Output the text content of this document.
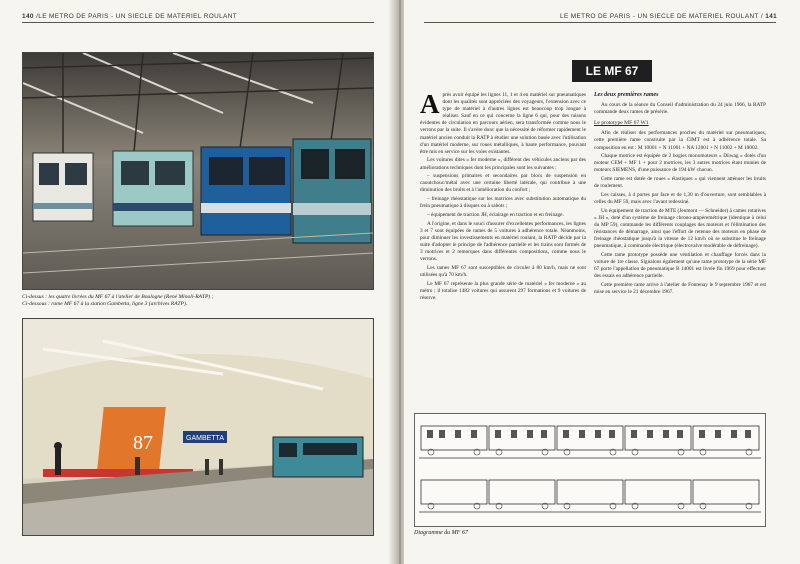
140 /LE METRO DE PARIS - UN SIECLE DE MATERIEL ROULANT
Ci-dessus : les quatre livrées du MF 67 à l'atelier de Boulogne (René Minoli-RATP) ;
Ci-dessous : rame MF 67 à la station Gambetta, ligne 3 (archives RATP).
87	GAMBETTA
LE METRO DE PARIS - UN SIECLE DE MATERIEL ROULANT / 141
LE MF 67

Après avoir équipé les lignes 11, 1 et 4 en matériel sur pneumatiques dont les qualités sont appréciées des voyageurs, l'extension avec ce type de matériel à d'autres lignes est beaucoup trop longue à réaliser. Sauf en ce qui concerne la ligne 6 qui, pour des raisons évidentes de circulation en parcours aérien, sera transformée comme nous le verrons par la suite. Il s'avère donc que la nécessité de réformer rapidement le matériel ancien conduit la RATP à étudier une solution basée avec l'utilisation d'un matériel moderne, sur roues métalliques, à haute performance, pouvant être mis en service sur les voies existantes.

Les voitures dites « fer moderne », différent des véhicules anciens par des améliorations techniques dont les principales sont les suivantes :

– suspensions primaires et secondaires par blocs de suspension en caoutchouc/métal avec une certaine liberté latérale, qui contribue à une diminution des bruits et à l'amélioration du confort ;

– freinage rhéostatique sur les motrices avec substitution automatique du frein pneumatique à disques ou à sabots ;

– équipement de traction JH, éclairage en traction et en freinage.

A l'origine, et dans le souci d'assurer d'excellentes performances, les lignes 3 et 7 sont équipées de rames de 5 voitures à adhérence totale. Néanmoins, pour diminuer les investissements en matériel roulant, la RATP décide par la suite d'adopter le principe de l'adhérence partielle et les trains sont formés de 3 motrices et 2 remorques dans différentes compositions, comme nous le verrons.

Les rames MF 67 sont susceptibles de circuler à 80 km/h, mais ne sont utilisées qu'à 70 km/h.

Le MF 67 représente la plus grande série de matériel « fer moderne » au métro ; il totalise 1482 voitures qui assurent 297 formations et 9 voitures de réserve.

Les deux premières rames

Au cours de la séance du Conseil d'administration du 24 juin 1966, la RATP commande deux rames de présérie.

Le prototype MF 67 W1

Afin de réaliser des performances proches du matériel sur pneumatiques, cette première rame construite par la CIMT est à adhérence totale. Sa composition en est : M 10001 + N 11001 + NA 12001 + N 11002 + M 10002.

Chaque motrice est équipée de 2 bogies monomoteurs « Düwag » dotés d'un moteur CEM + MF 1 + pour 2 motrices, les 3 autres motrices étant munies de moteurs SIEMENS, d'une puissance de 194 kW chacun.

Cette rame est dotée de roues « élastiques » qui viennent atténuer les bruits de roulement.

Les caisses, à 4 portes par face et de 1,30 m d'ouverture, sont semblables à celles du MF 59, mais avec l'avant redessiné.

Un équipement de traction de MTE (Jeumont — Schneider) à cames rotatives « JH », doté d'un système de freinage chrono-ampèremétrique (identique à celui du MP 59), commande les différents couplages des moteurs et l'élimination des résistances de démarrage, ainsi que l'effort de retenue des moteurs en phase de freinage rhéostatique jusqu'à la vitesse de 12 km/h où se substitue le freinage pneumatique, à commande électrique (électrovalve modérable de défreinage).

Cette rame prototype possède une ventilation et chauffage forcés dans la voiture de 1re classe. Signalons également qu'une rame prototype de la série MF 67 porte l'appellation de pneumatique B 14001 est livrée fin 1969 pour effectuer des essais en adhérence partielle.

Cette première rame arrive à l'atelier de Fontenay le 9 septembre 1967 et est mise en service le 21 décembre 1967.

Diagramme du MF 67
